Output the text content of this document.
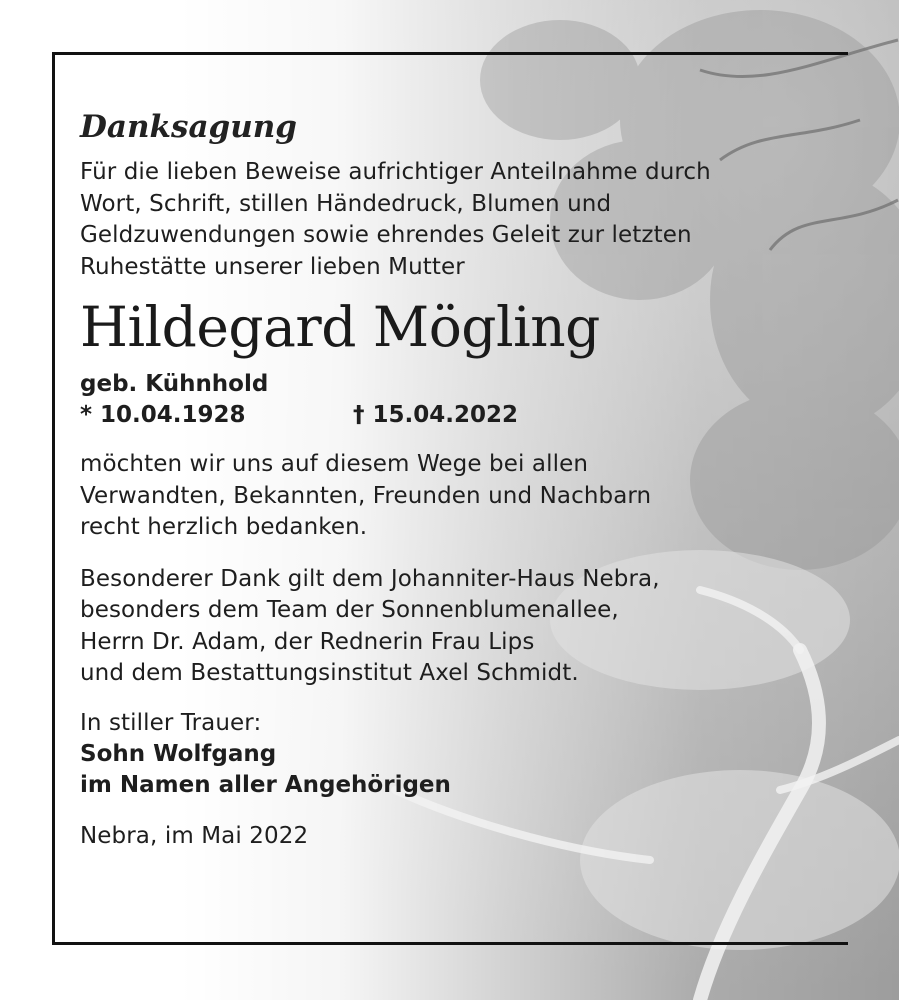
Danksagung

Für die lieben Beweise aufrichtiger Anteilnahme durch
Wort, Schrift, stillen Händedruck, Blumen und
Geldzuwendungen sowie ehrendes Geleit zur letzten
Ruhestätte unserer lieben Mutter

Hildegard Mögling

geb. Kühnhold

* 10.04.1928	† 15.04.2022

möchten wir uns auf diesem Wege bei allen
Verwandten, Bekannten, Freunden und Nachbarn
recht herzlich bedanken.

Besonderer Dank gilt dem Johanniter-Haus Nebra,
besonders dem Team der Sonnenblumenallee,
Herrn Dr. Adam, der Rednerin Frau Lips
und dem Bestattungsinstitut Axel Schmidt.

In stiller Trauer:

Sohn Wolfgang

im Namen aller Angehörigen

Nebra, im Mai 2022
